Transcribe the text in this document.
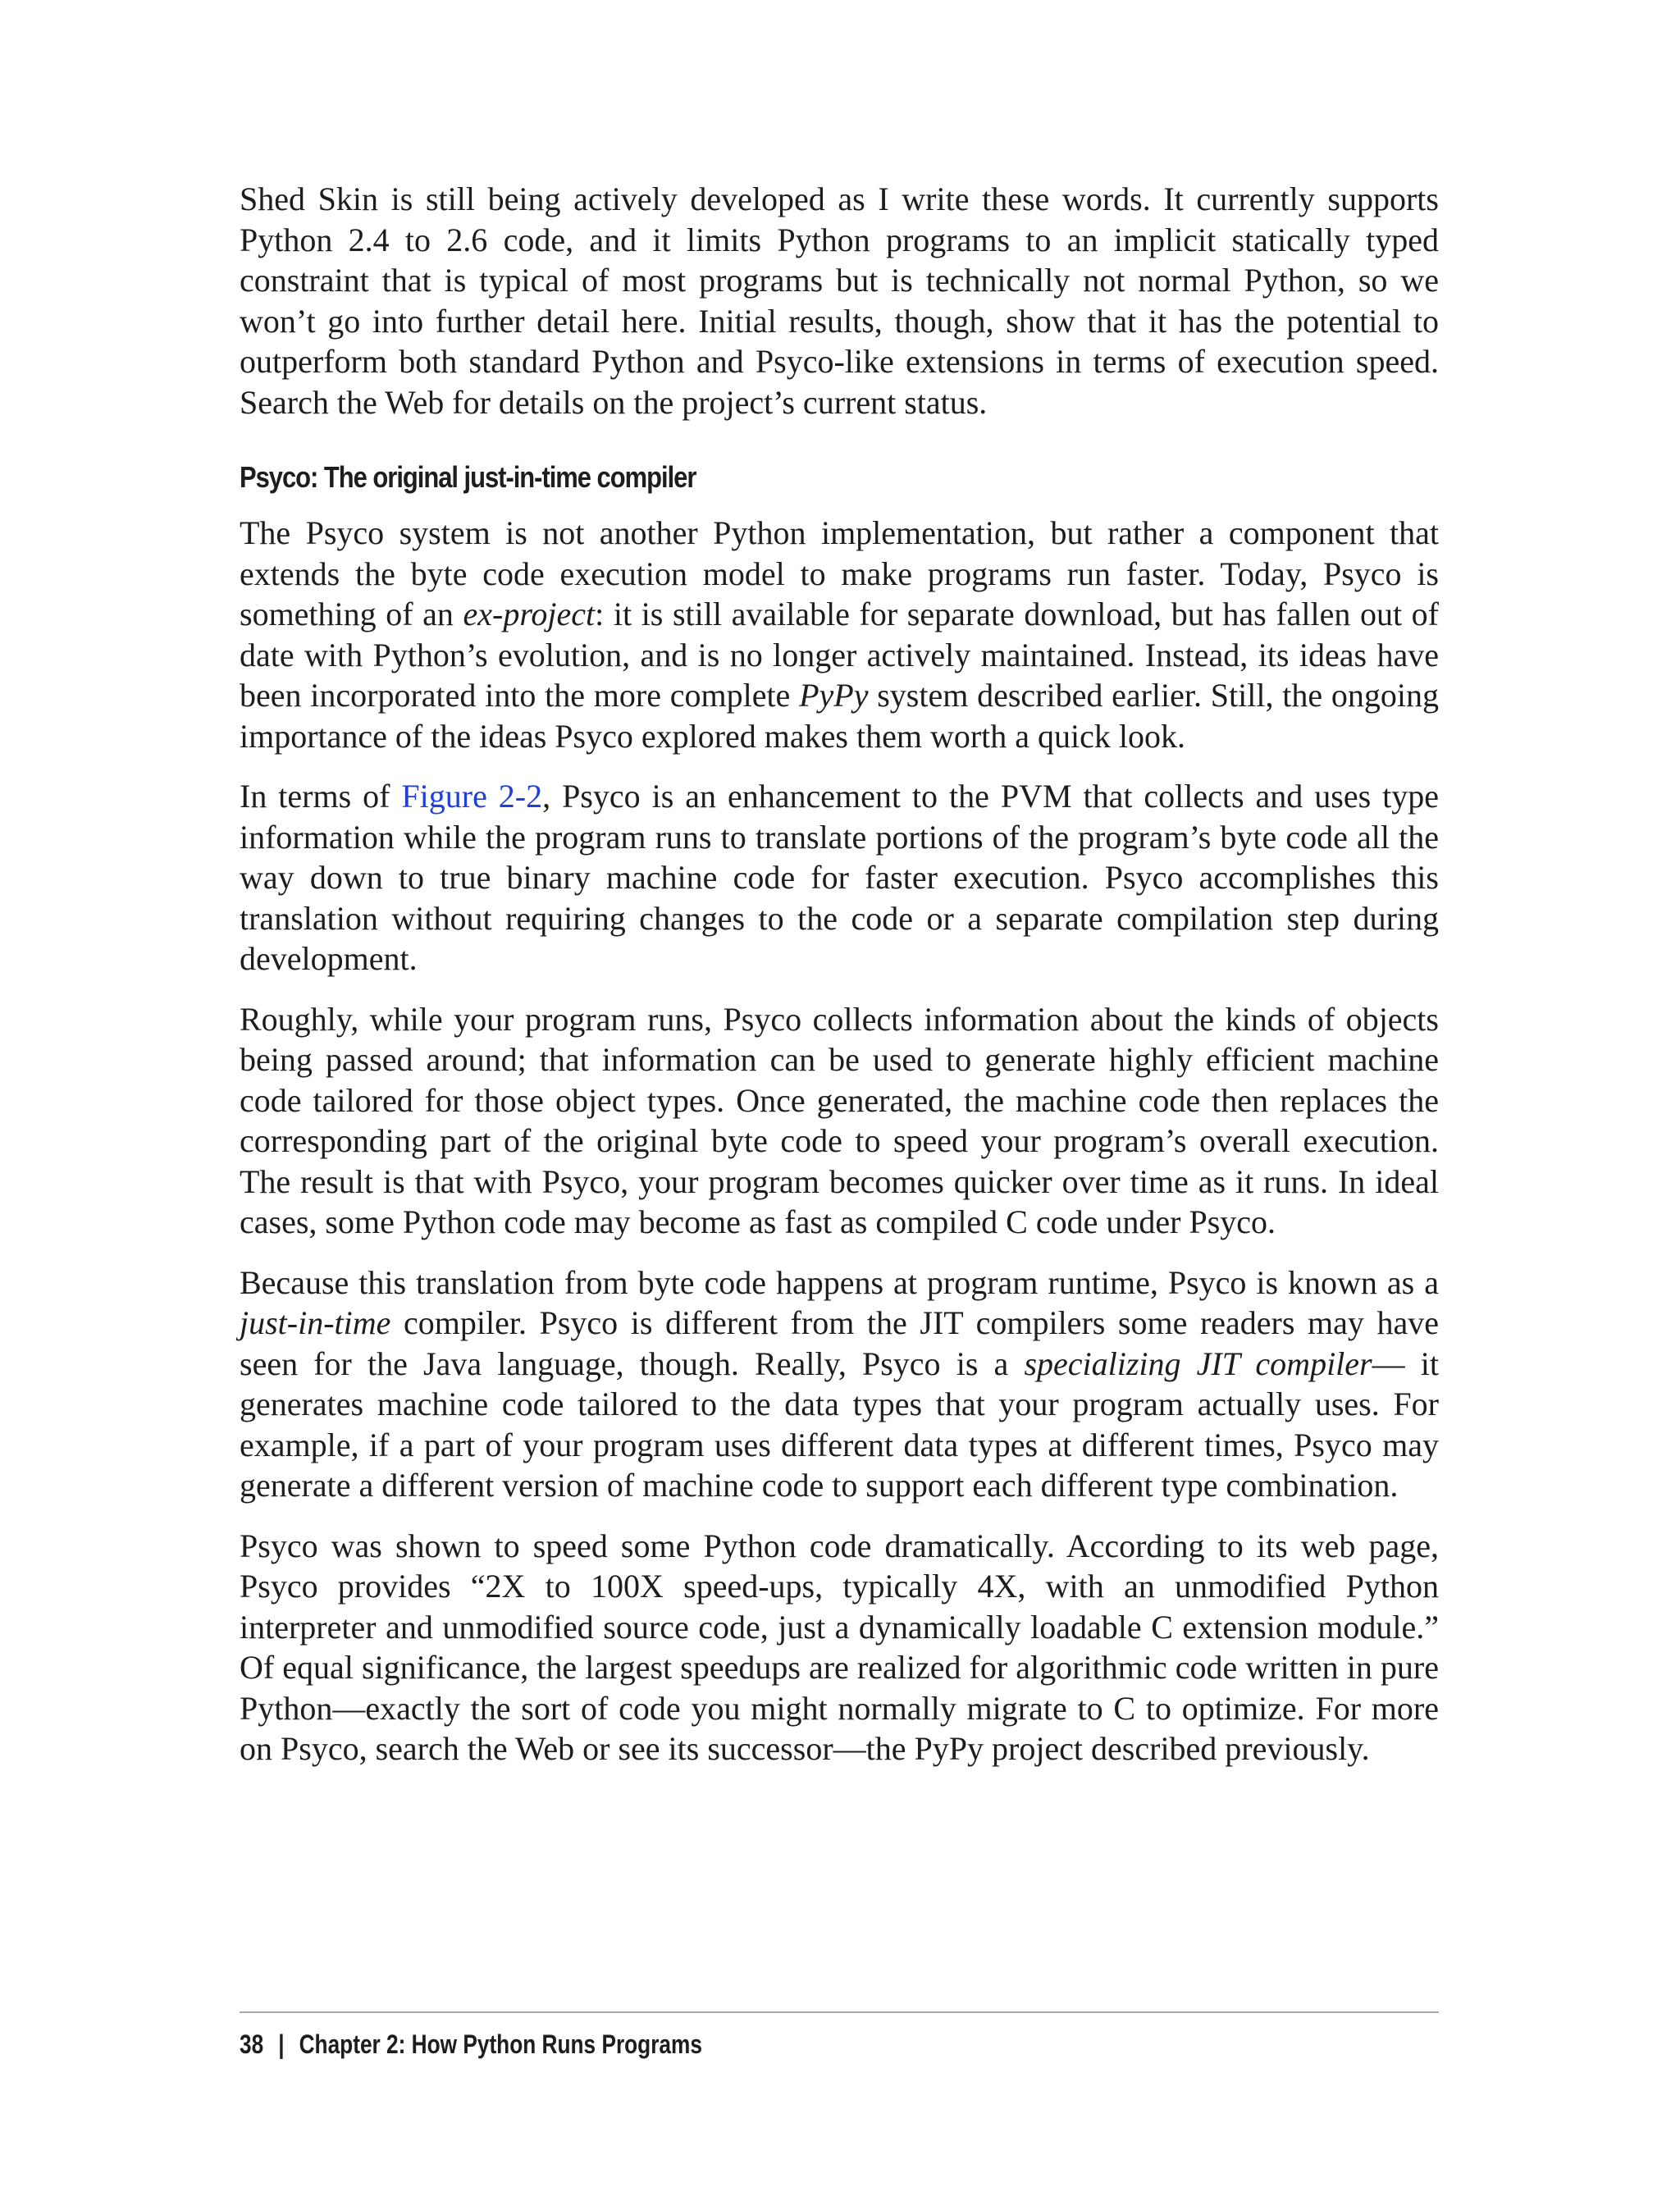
Shed Skin is still being actively developed as I write these words. It currently supports Python 2.4 to 2.6 code, and it limits Python programs to an implicit statically typed constraint that is typical of most programs but is technically not normal Python, so we won’t go into further detail here. Initial results, though, show that it has the potential to outperform both standard Python and Psyco-like extensions in terms of execution speed. Search the Web for details on the project’s current status.

Psyco: The original just-in-time compiler

The Psyco system is not another Python implementation, but rather a component that extends the byte code execution model to make programs run faster. Today, Psyco is something of an ex-project: it is still available for separate download, but has fallen out of date with Python’s evolution, and is no longer actively maintained. Instead, its ideas have been incorporated into the more complete PyPy system described earlier. Still, the ongoing importance of the ideas Psyco explored makes them worth a quick look.

In terms of Figure 2-2, Psyco is an enhancement to the PVM that collects and uses type information while the program runs to translate portions of the program’s byte code all the way down to true binary machine code for faster execution. Psyco accomplishes this translation without requiring changes to the code or a separate compilation step during development.

Roughly, while your program runs, Psyco collects information about the kinds of objects being passed around; that information can be used to generate highly efficient machine code tailored for those object types. Once generated, the machine code then replaces the corresponding part of the original byte code to speed your program’s overall execution. The result is that with Psyco, your program becomes quicker over time as it runs. In ideal cases, some Python code may become as fast as compiled C code under Psyco.

Because this translation from byte code happens at program runtime, Psyco is known as a just-in-time compiler. Psyco is different from the JIT compilers some readers may have seen for the Java language, though. Really, Psyco is a specializing JIT compiler— it generates machine code tailored to the data types that your program actually uses. For example, if a part of your program uses different data types at different times, Psyco may generate a different version of machine code to support each different type combination.

Psyco was shown to speed some Python code dramatically. According to its web page, Psyco provides “2X to 100X speed-ups, typically 4X, with an unmodified Python interpreter and unmodified source code, just a dynamically loadable C extension module.” Of equal significance, the largest speedups are realized for algorithmic code written in pure Python—exactly the sort of code you might normally migrate to C to optimize. For more on Psyco, search the Web or see its successor—the PyPy project described previously.

38 | Chapter 2: How Python Runs Programs
